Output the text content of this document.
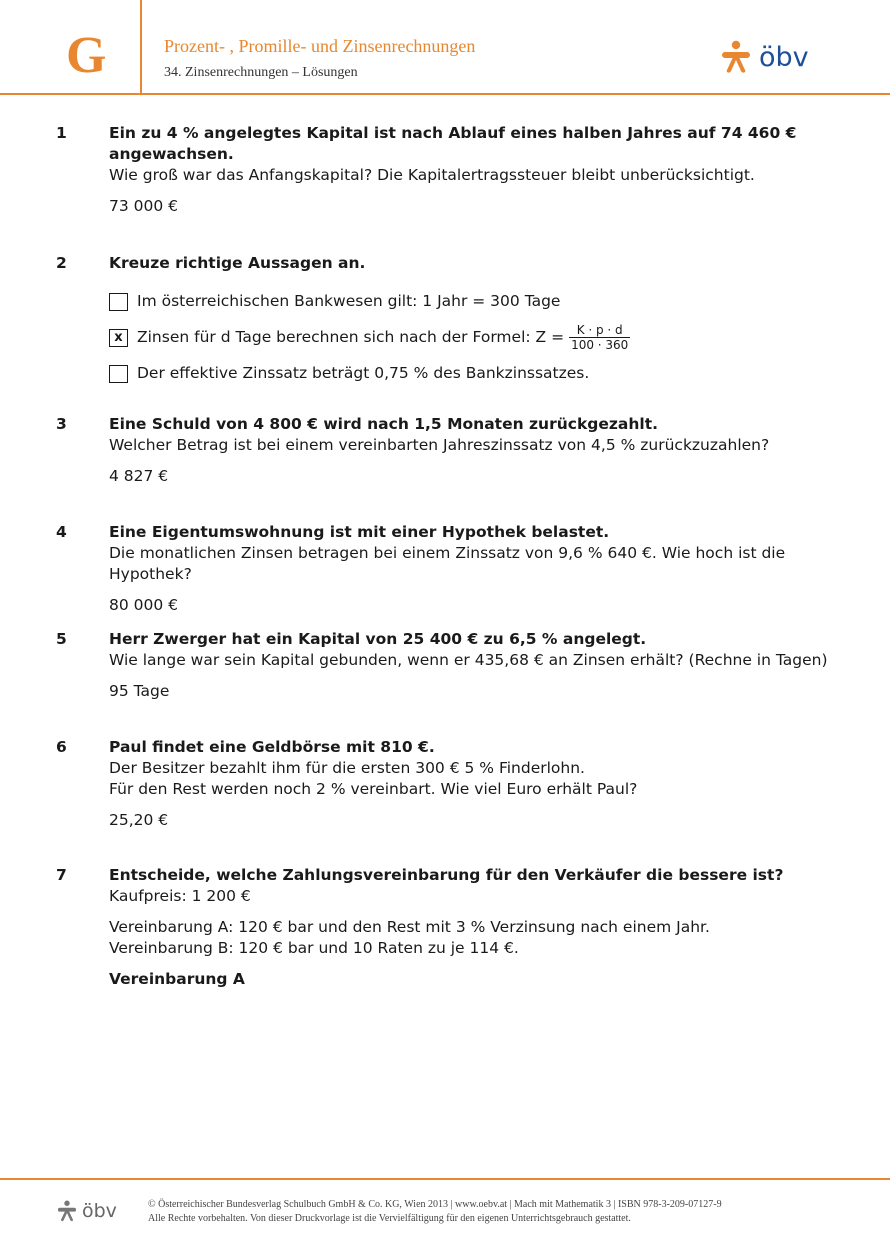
G	Prozent- , Promille- und Zinsenrechnungen
34. Zinsenrechnungen – Lösungen	öbv
1	Ein zu 4 % angelegtes Kapital ist nach Ablauf eines halben Jahres auf 74 460 € angewachsen.
Wie groß war das Anfangskapital? Die Kapitalertragssteuer bleibt unberücksichtigt.
73 000 €
2	Kreuze richtige Aussagen an.
Im österreichischen Bankwesen gilt: 1 Jahr = 300 Tage
x Zinsen für d Tage berechnen sich nach der Formel: $Z = \frac{K \cdot p \cdot d}{100 \cdot 360}$
Der effektive Zinssatz beträgt 0,75 % des Bankzinssatzes.
3	Eine Schuld von 4 800 € wird nach 1,5 Monaten zurückgezahlt.
Welcher Betrag ist bei einem vereinbarten Jahreszinssatz von 4,5 % zurückzuzahlen?
4 827 €
4	Eine Eigentumswohnung ist mit einer Hypothek belastet.
Die monatlichen Zinsen betragen bei einem Zinssatz von 9,6 % 640 €. Wie hoch ist die Hypothek?
80 000 €
5	Herr Zwerger hat ein Kapital von 25 400 € zu 6,5 % angelegt.
Wie lange war sein Kapital gebunden, wenn er 435,68 € an Zinsen erhält? (Rechne in Tagen)
95 Tage
6	Paul findet eine Geldbörse mit 810 €.
Der Besitzer bezahlt ihm für die ersten 300 € 5 % Finderlohn.
Für den Rest werden noch 2 % vereinbart. Wie viel Euro erhält Paul?
25,20 €
7	Entscheide, welche Zahlungsvereinbarung für den Verkäufer die bessere ist?
Kaufpreis: 1 200 €
Vereinbarung A: 120 € bar und den Rest mit 3 % Verzinsung nach einem Jahr.
Vereinbarung B: 120 € bar und 10 Raten zu je 114 €.
Vereinbarung A
öbv	© Österreichischer Bundesverlag Schulbuch GmbH & Co. KG, Wien 2013 | www.oebv.at | Mach mit Mathematik 3 | ISBN 978-3-209-07127-9
Alle Rechte vorbehalten. Von dieser Druckvorlage ist die Vervielfältigung für den eigenen Unterrichtsgebrauch gestattet.
